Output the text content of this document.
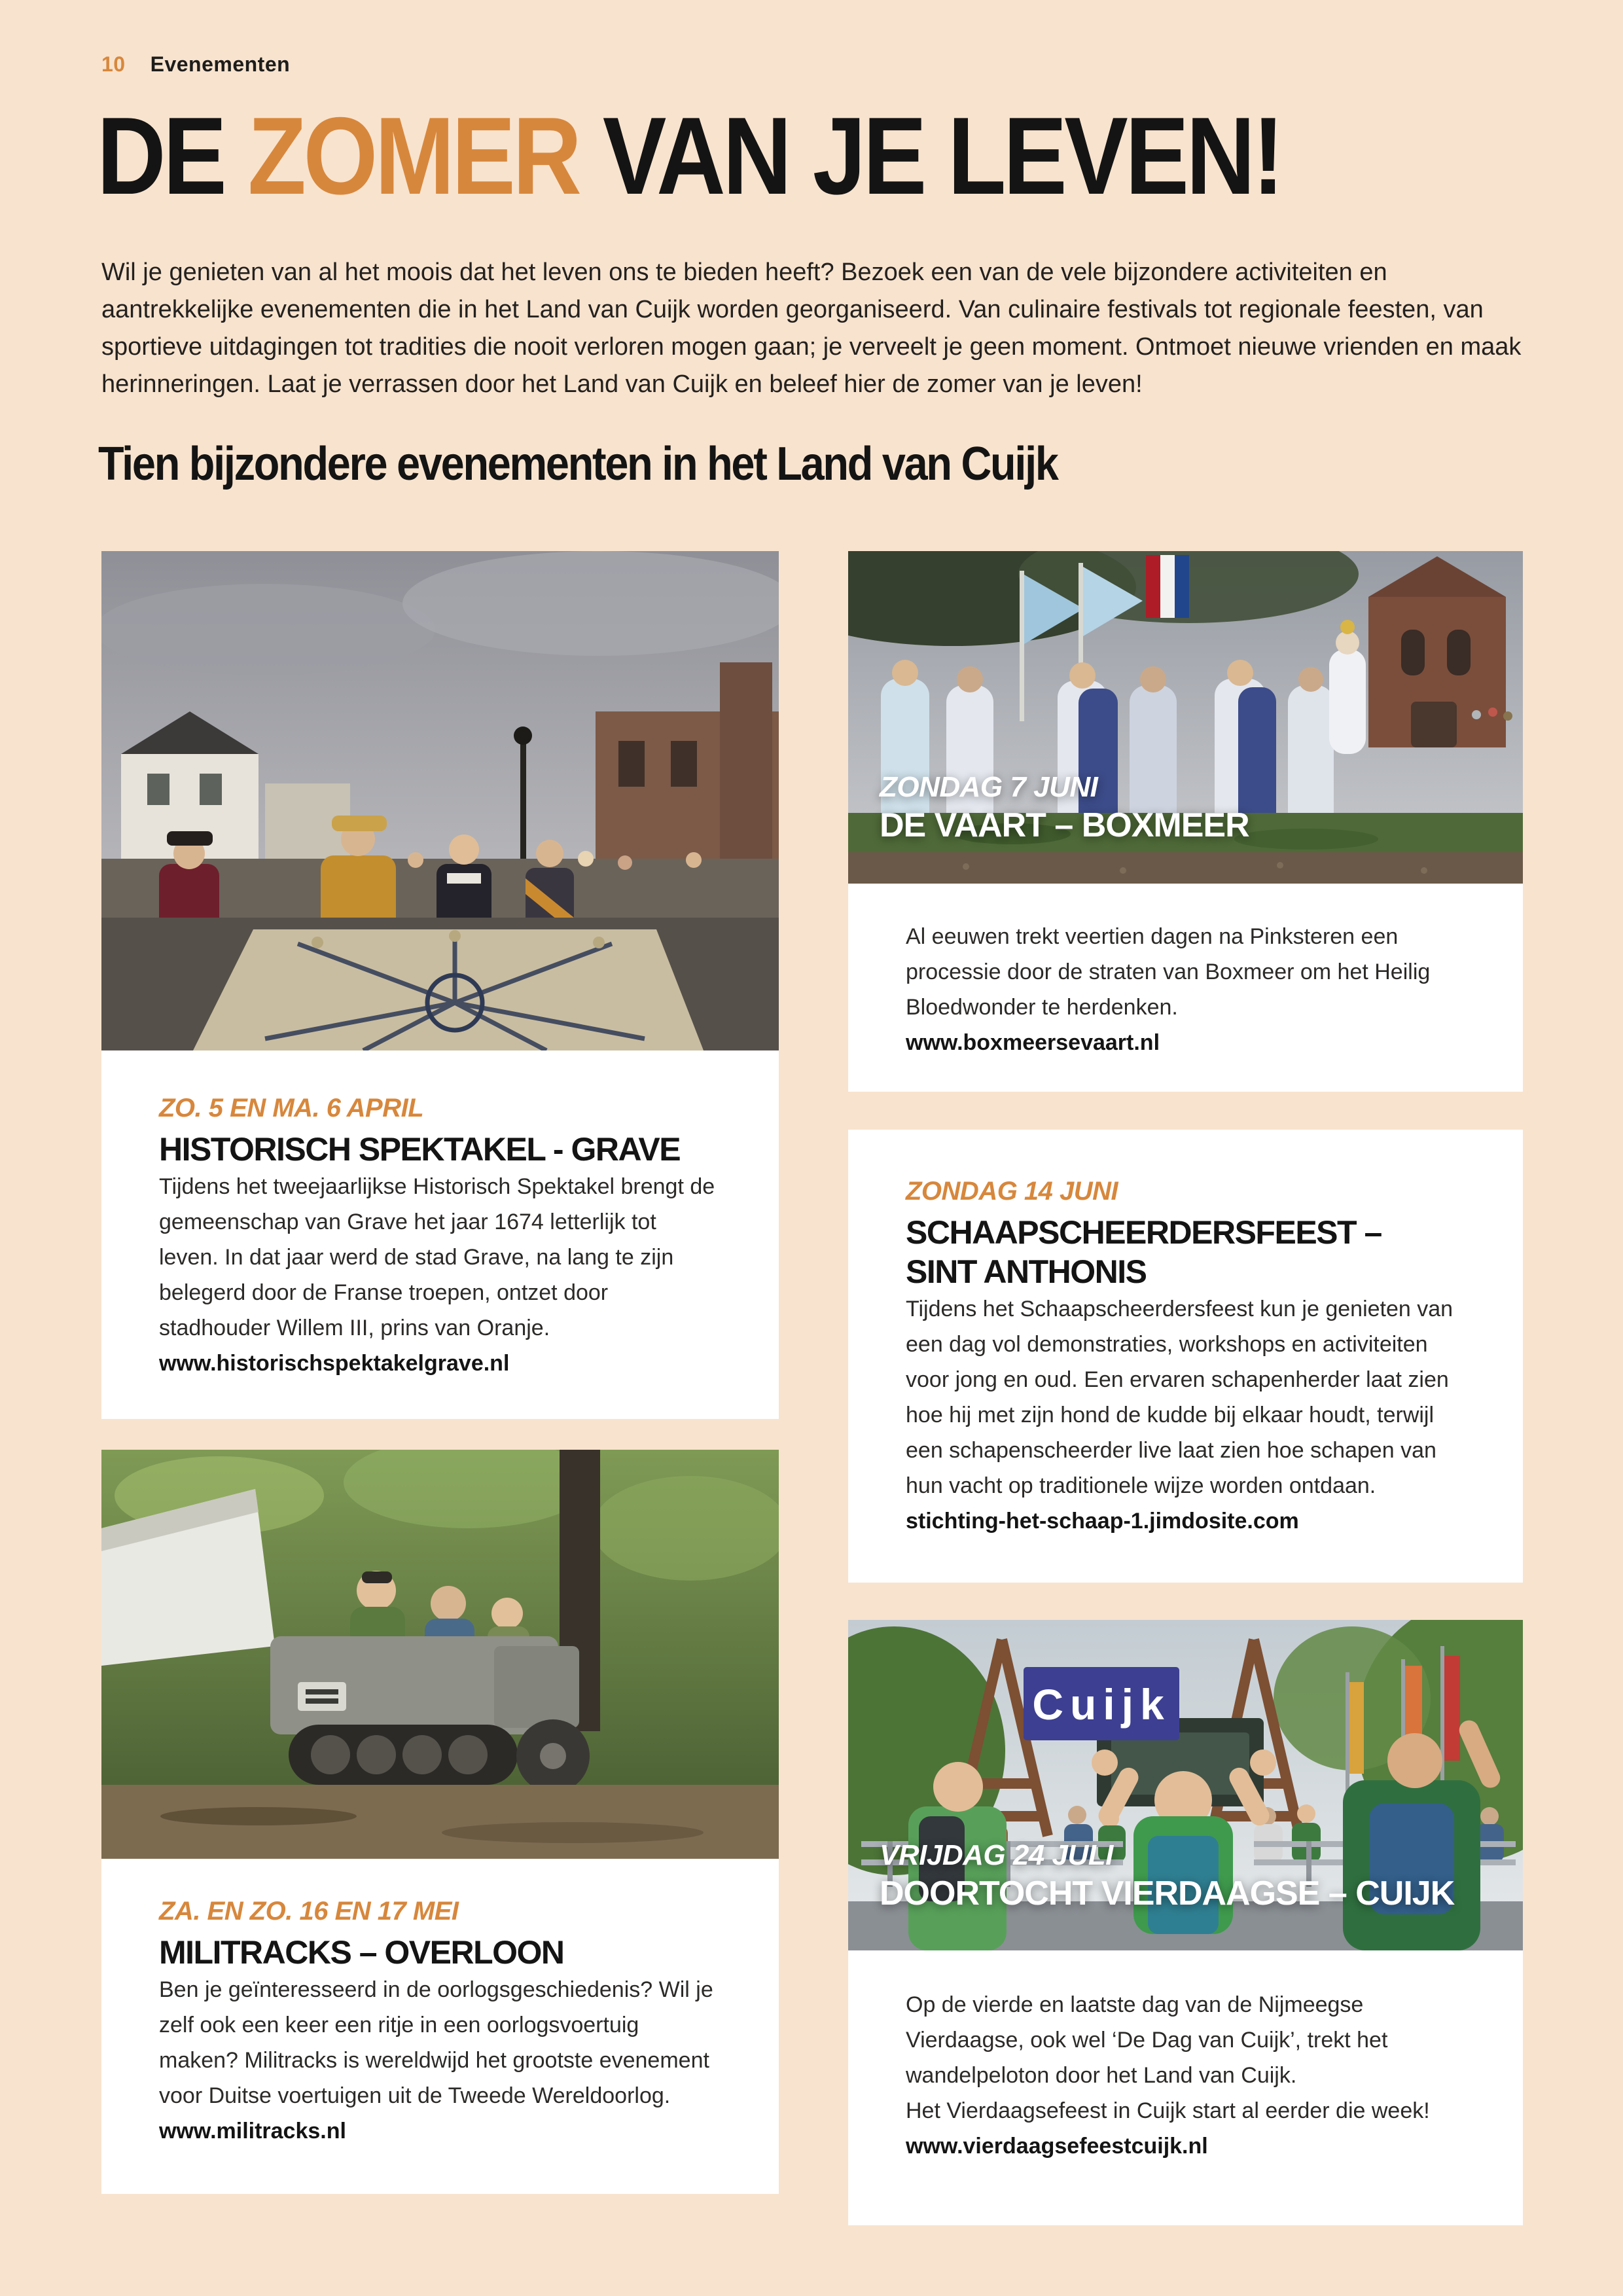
10 Evenementen
DE ZOMER VAN JE LEVEN!

Wil je genieten van al het moois dat het leven ons te bieden heeft? Bezoek een van de vele bijzondere activiteiten en aantrekkelijke evenementen die in het Land van Cuijk worden georganiseerd. Van culinaire festivals tot regionale feesten, van sportieve uitdagingen tot tradities die nooit verloren mogen gaan; je verveelt je geen moment. Ontmoet nieuwe vrienden en maak herinneringen. Laat je verrassen door het Land van Cuijk en beleef hier de zomer van je leven!

Tien bijzondere evenementen in het Land van Cuijk
ZO. 5 EN MA. 6 APRIL
HISTORISCH SPEKTAKEL - GRAVE

Tijdens het tweejaarlijkse Historisch Spektakel brengt de gemeenschap van Grave het jaar 1674 letterlijk tot leven. In dat jaar werd de stad Grave, na lang te zijn belegerd door de Franse troepen, ontzet door stadhouder Willem III, prins van Oranje.

www.historischspektakelgrave.nl
ZONDAG 7 JUNI
DE VAART – BOXMEER

Al eeuwen trekt veertien dagen na Pinksteren een processie door de straten van Boxmeer om het Heilig Bloedwonder te herdenken.

www.boxmeersevaart.nl
ZONDAG 14 JUNI
SCHAAPSCHEERDERSFEEST –
SINT ANTHONIS

Tijdens het Schaapscheerdersfeest kun je genieten van een dag vol demonstraties, workshops en activiteiten voor jong en oud. Een ervaren schapenherder laat zien hoe hij met zijn hond de kudde bij elkaar houdt, terwijl een schapenscheerder live laat zien hoe schapen van hun vacht op traditionele wijze worden ontdaan.

stichting-het-schaap-1.jimdosite.com
ZA. EN ZO. 16 EN 17 MEI
MILITRACKS – OVERLOON

Ben je geïnteresseerd in de oorlogsgeschiedenis? Wil je zelf ook een keer een ritje in een oorlogsvoertuig maken? Militracks is wereldwijd het grootste evenement voor Duitse voertuigen uit de Tweede Wereldoorlog.

www.militracks.nl
Cuijk
VRIJDAG 24 JULI
DOORTOCHT VIERDAAGSE – CUIJK

Op de vierde en laatste dag van de Nijmeegse Vierdaagse, ook wel ‘De Dag van Cuijk’, trekt het wandelpeloton door het Land van Cuijk.

Het Vierdaagsefeest in Cuijk start al eerder die week!

www.vierdaagsefeestcuijk.nl
